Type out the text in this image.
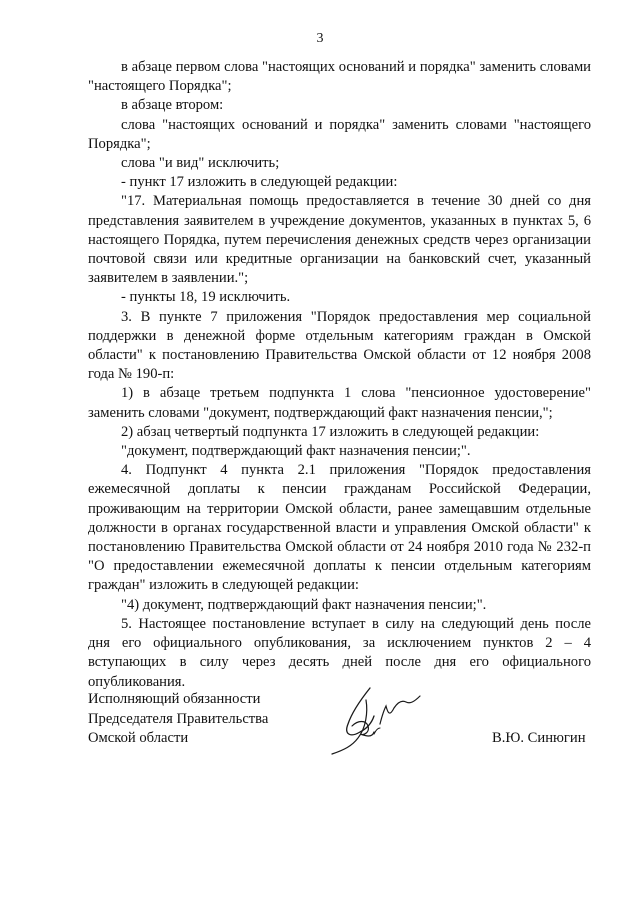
3

в абзаце первом слова "настоящих оснований и порядка" заменить словами "настоящего Порядка";

в абзаце втором:

слова "настоящих оснований и порядка" заменить словами "настоящего Порядка";

слова "и вид" исключить;

- пункт 17 изложить в следующей редакции:

"17. Материальная помощь предоставляется в течение 30 дней со дня представления заявителем в учреждение документов, указанных в пунктах 5, 6 настоящего Порядка, путем перечисления денежных средств через организации почтовой связи или кредитные организации на банковский счет, указанный заявителем в заявлении.";

- пункты 18, 19 исключить.

3. В пункте 7 приложения "Порядок предоставления мер социальной поддержки в денежной форме отдельным категориям граждан в Омской области" к постановлению Правительства Омской области от 12 ноября 2008 года № 190-п:

1) в абзаце третьем подпункта 1 слова "пенсионное удостоверение" заменить словами "документ, подтверждающий факт назначения пенсии,";

2) абзац четвертый подпункта 17 изложить в следующей редакции:

"документ, подтверждающий факт назначения пенсии;".

4. Подпункт 4 пункта 2.1 приложения "Порядок предоставления ежемесячной доплаты к пенсии гражданам Российской Федерации, проживающим на территории Омской области, ранее замещавшим отдельные должности в органах государственной власти и управления Омской области" к постановлению Правительства Омской области от 24 ноября 2010 года № 232-п "О предоставлении ежемесячной доплаты к пенсии отдельным категориям граждан" изложить в следующей редакции:

"4) документ, подтверждающий факт назначения пенсии;".

5. Настоящее постановление вступает в силу на следующий день после дня его официального опубликования, за исключением пунктов 2 – 4 вступающих в силу через десять дней после дня его официального опубликования.

Исполняющий обязанности
Председателя Правительства
Омской области	В.Ю. Синюгин
